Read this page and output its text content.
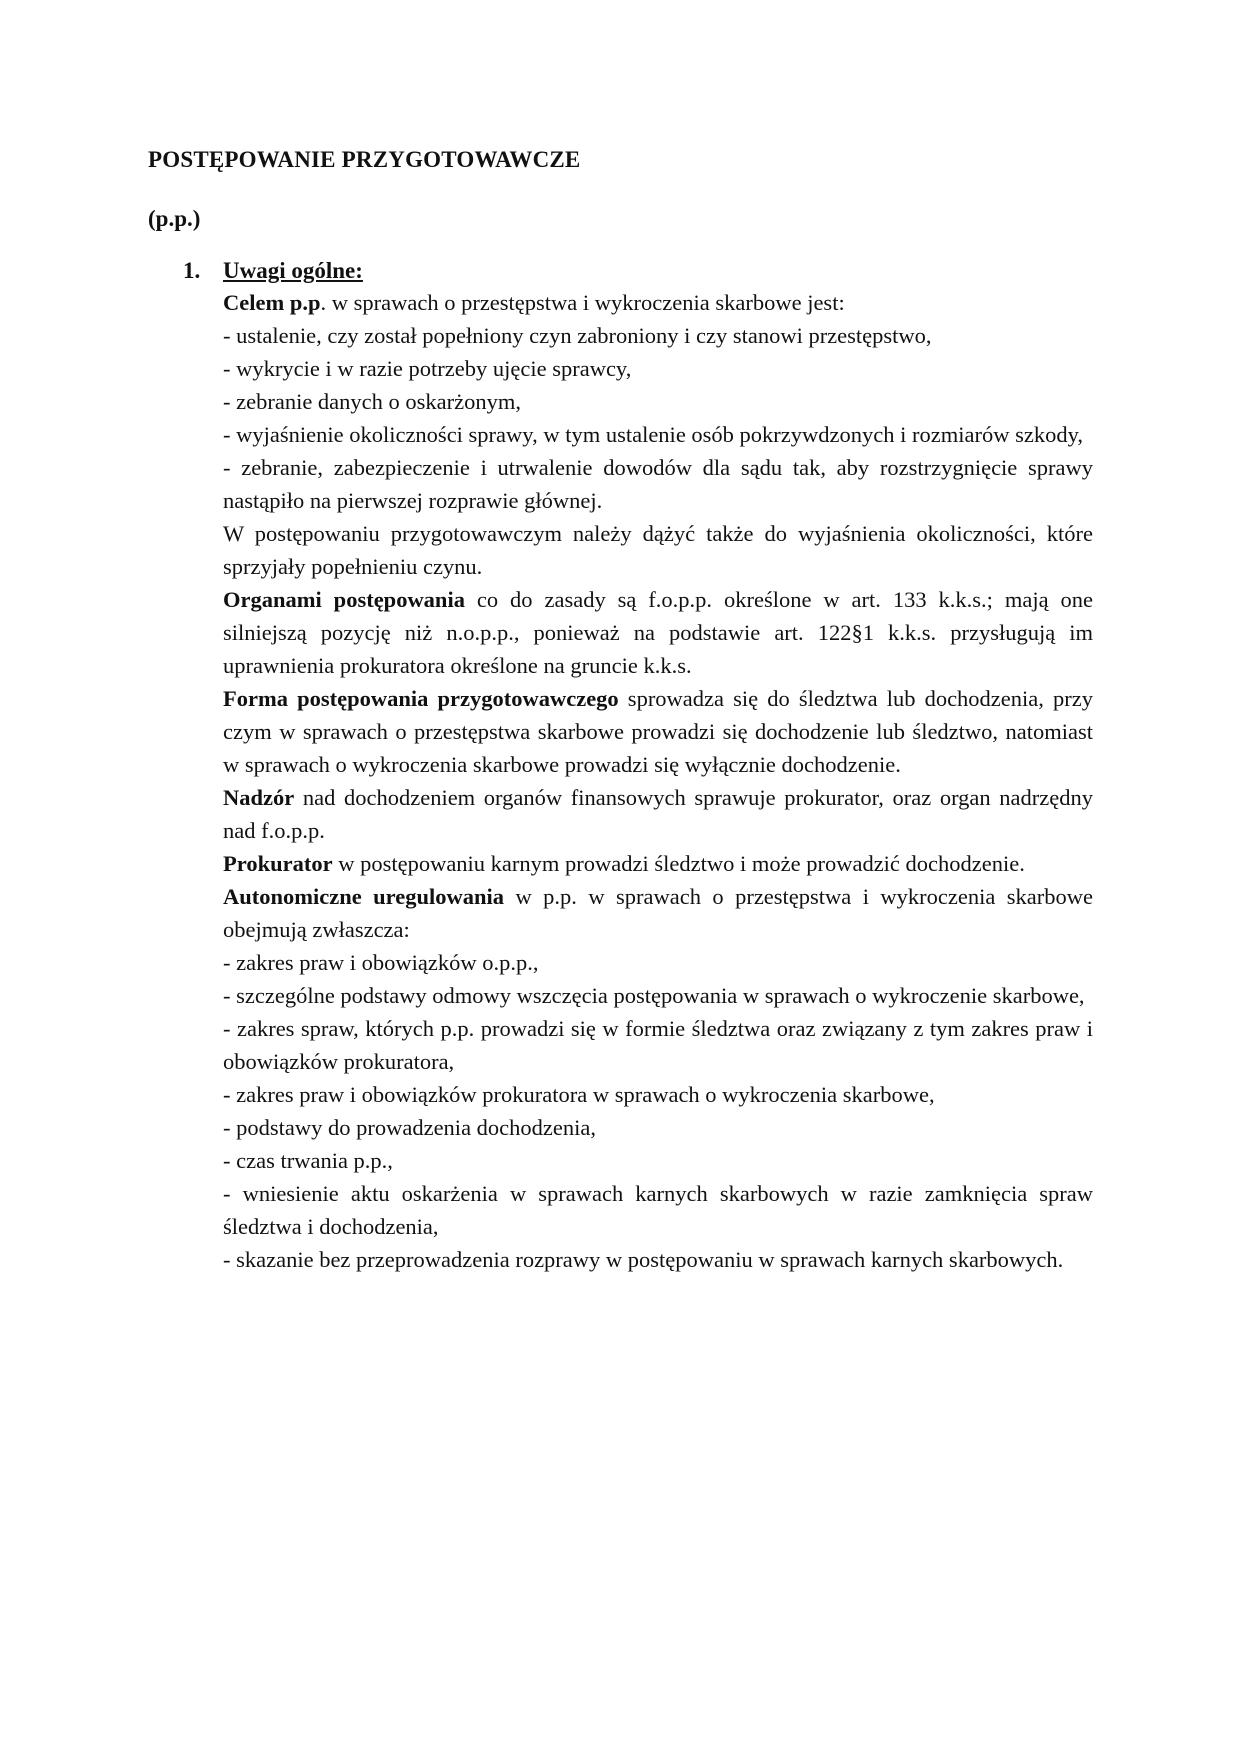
POSTĘPOWANIE PRZYGOTOWAWCZE
(p.p.)
1. Uwagi ogólne:

Celem p.p. w sprawach o przestępstwa i wykroczenia skarbowe jest:

- ustalenie, czy został popełniony czyn zabroniony i czy stanowi przestępstwo,

- wykrycie i w razie potrzeby ujęcie sprawcy,

- zebranie danych o oskarżonym,

- wyjaśnienie okoliczności sprawy, w tym ustalenie osób pokrzywdzonych i rozmiarów szkody,

- zebranie, zabezpieczenie i utrwalenie dowodów dla sądu tak, aby rozstrzygnięcie sprawy nastąpiło na pierwszej rozprawie głównej.

W postępowaniu przygotowawczym należy dążyć także do wyjaśnienia okoliczności, które sprzyjały popełnieniu czynu.

Organami postępowania co do zasady są f.o.p.p. określone w art. 133 k.k.s.; mają one silniejszą pozycję niż n.o.p.p., ponieważ na podstawie art. 122§1 k.k.s. przysługują im uprawnienia prokuratora określone na gruncie k.k.s.

Forma postępowania przygotowawczego sprowadza się do śledztwa lub dochodzenia, przy czym w sprawach o przestępstwa skarbowe prowadzi się dochodzenie lub śledztwo, natomiast w sprawach o wykroczenia skarbowe prowadzi się wyłącznie dochodzenie.

Nadzór nad dochodzeniem organów finansowych sprawuje prokurator, oraz organ nadrzędny nad f.o.p.p.

Prokurator w postępowaniu karnym prowadzi śledztwo i może prowadzić dochodzenie.

Autonomiczne uregulowania w p.p. w sprawach o przestępstwa i wykroczenia skarbowe obejmują zwłaszcza:

- zakres praw i obowiązków o.p.p.,

- szczególne podstawy odmowy wszczęcia postępowania w sprawach o wykroczenie skarbowe,

- zakres spraw, których p.p. prowadzi się w formie śledztwa oraz związany z tym zakres praw i obowiązków prokuratora,

- zakres praw i obowiązków prokuratora w sprawach o wykroczenia skarbowe,

- podstawy do prowadzenia dochodzenia,

- czas trwania p.p.,

- wniesienie aktu oskarżenia w sprawach karnych skarbowych w razie zamknięcia spraw śledztwa i dochodzenia,

- skazanie bez przeprowadzenia rozprawy w postępowaniu w sprawach karnych skarbowych.
